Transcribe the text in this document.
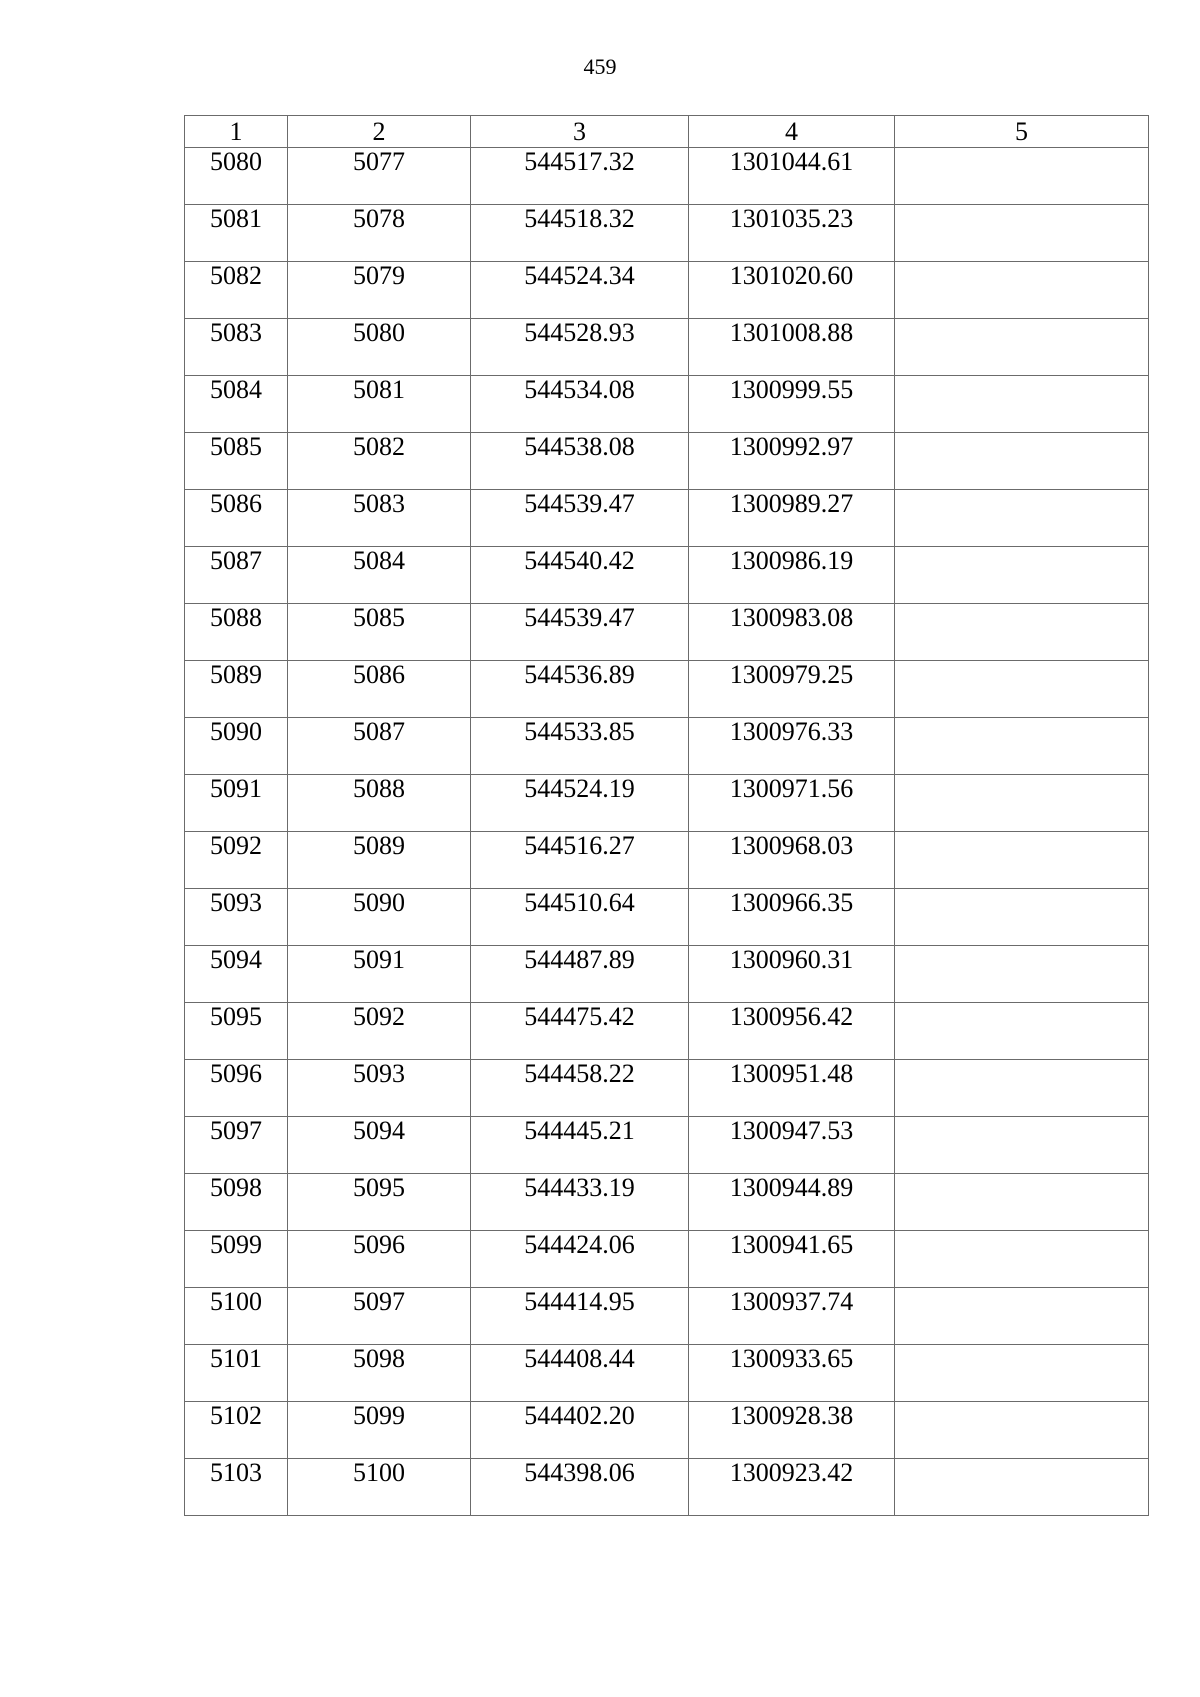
459
1	2	3	4	5
5080	5077	544517.32	1301044.61	
5081	5078	544518.32	1301035.23	
5082	5079	544524.34	1301020.60	
5083	5080	544528.93	1301008.88	
5084	5081	544534.08	1300999.55	
5085	5082	544538.08	1300992.97	
5086	5083	544539.47	1300989.27	
5087	5084	544540.42	1300986.19	
5088	5085	544539.47	1300983.08	
5089	5086	544536.89	1300979.25	
5090	5087	544533.85	1300976.33	
5091	5088	544524.19	1300971.56	
5092	5089	544516.27	1300968.03	
5093	5090	544510.64	1300966.35	
5094	5091	544487.89	1300960.31	
5095	5092	544475.42	1300956.42	
5096	5093	544458.22	1300951.48	
5097	5094	544445.21	1300947.53	
5098	5095	544433.19	1300944.89	
5099	5096	544424.06	1300941.65	
5100	5097	544414.95	1300937.74	
5101	5098	544408.44	1300933.65	
5102	5099	544402.20	1300928.38	
5103	5100	544398.06	1300923.42	
